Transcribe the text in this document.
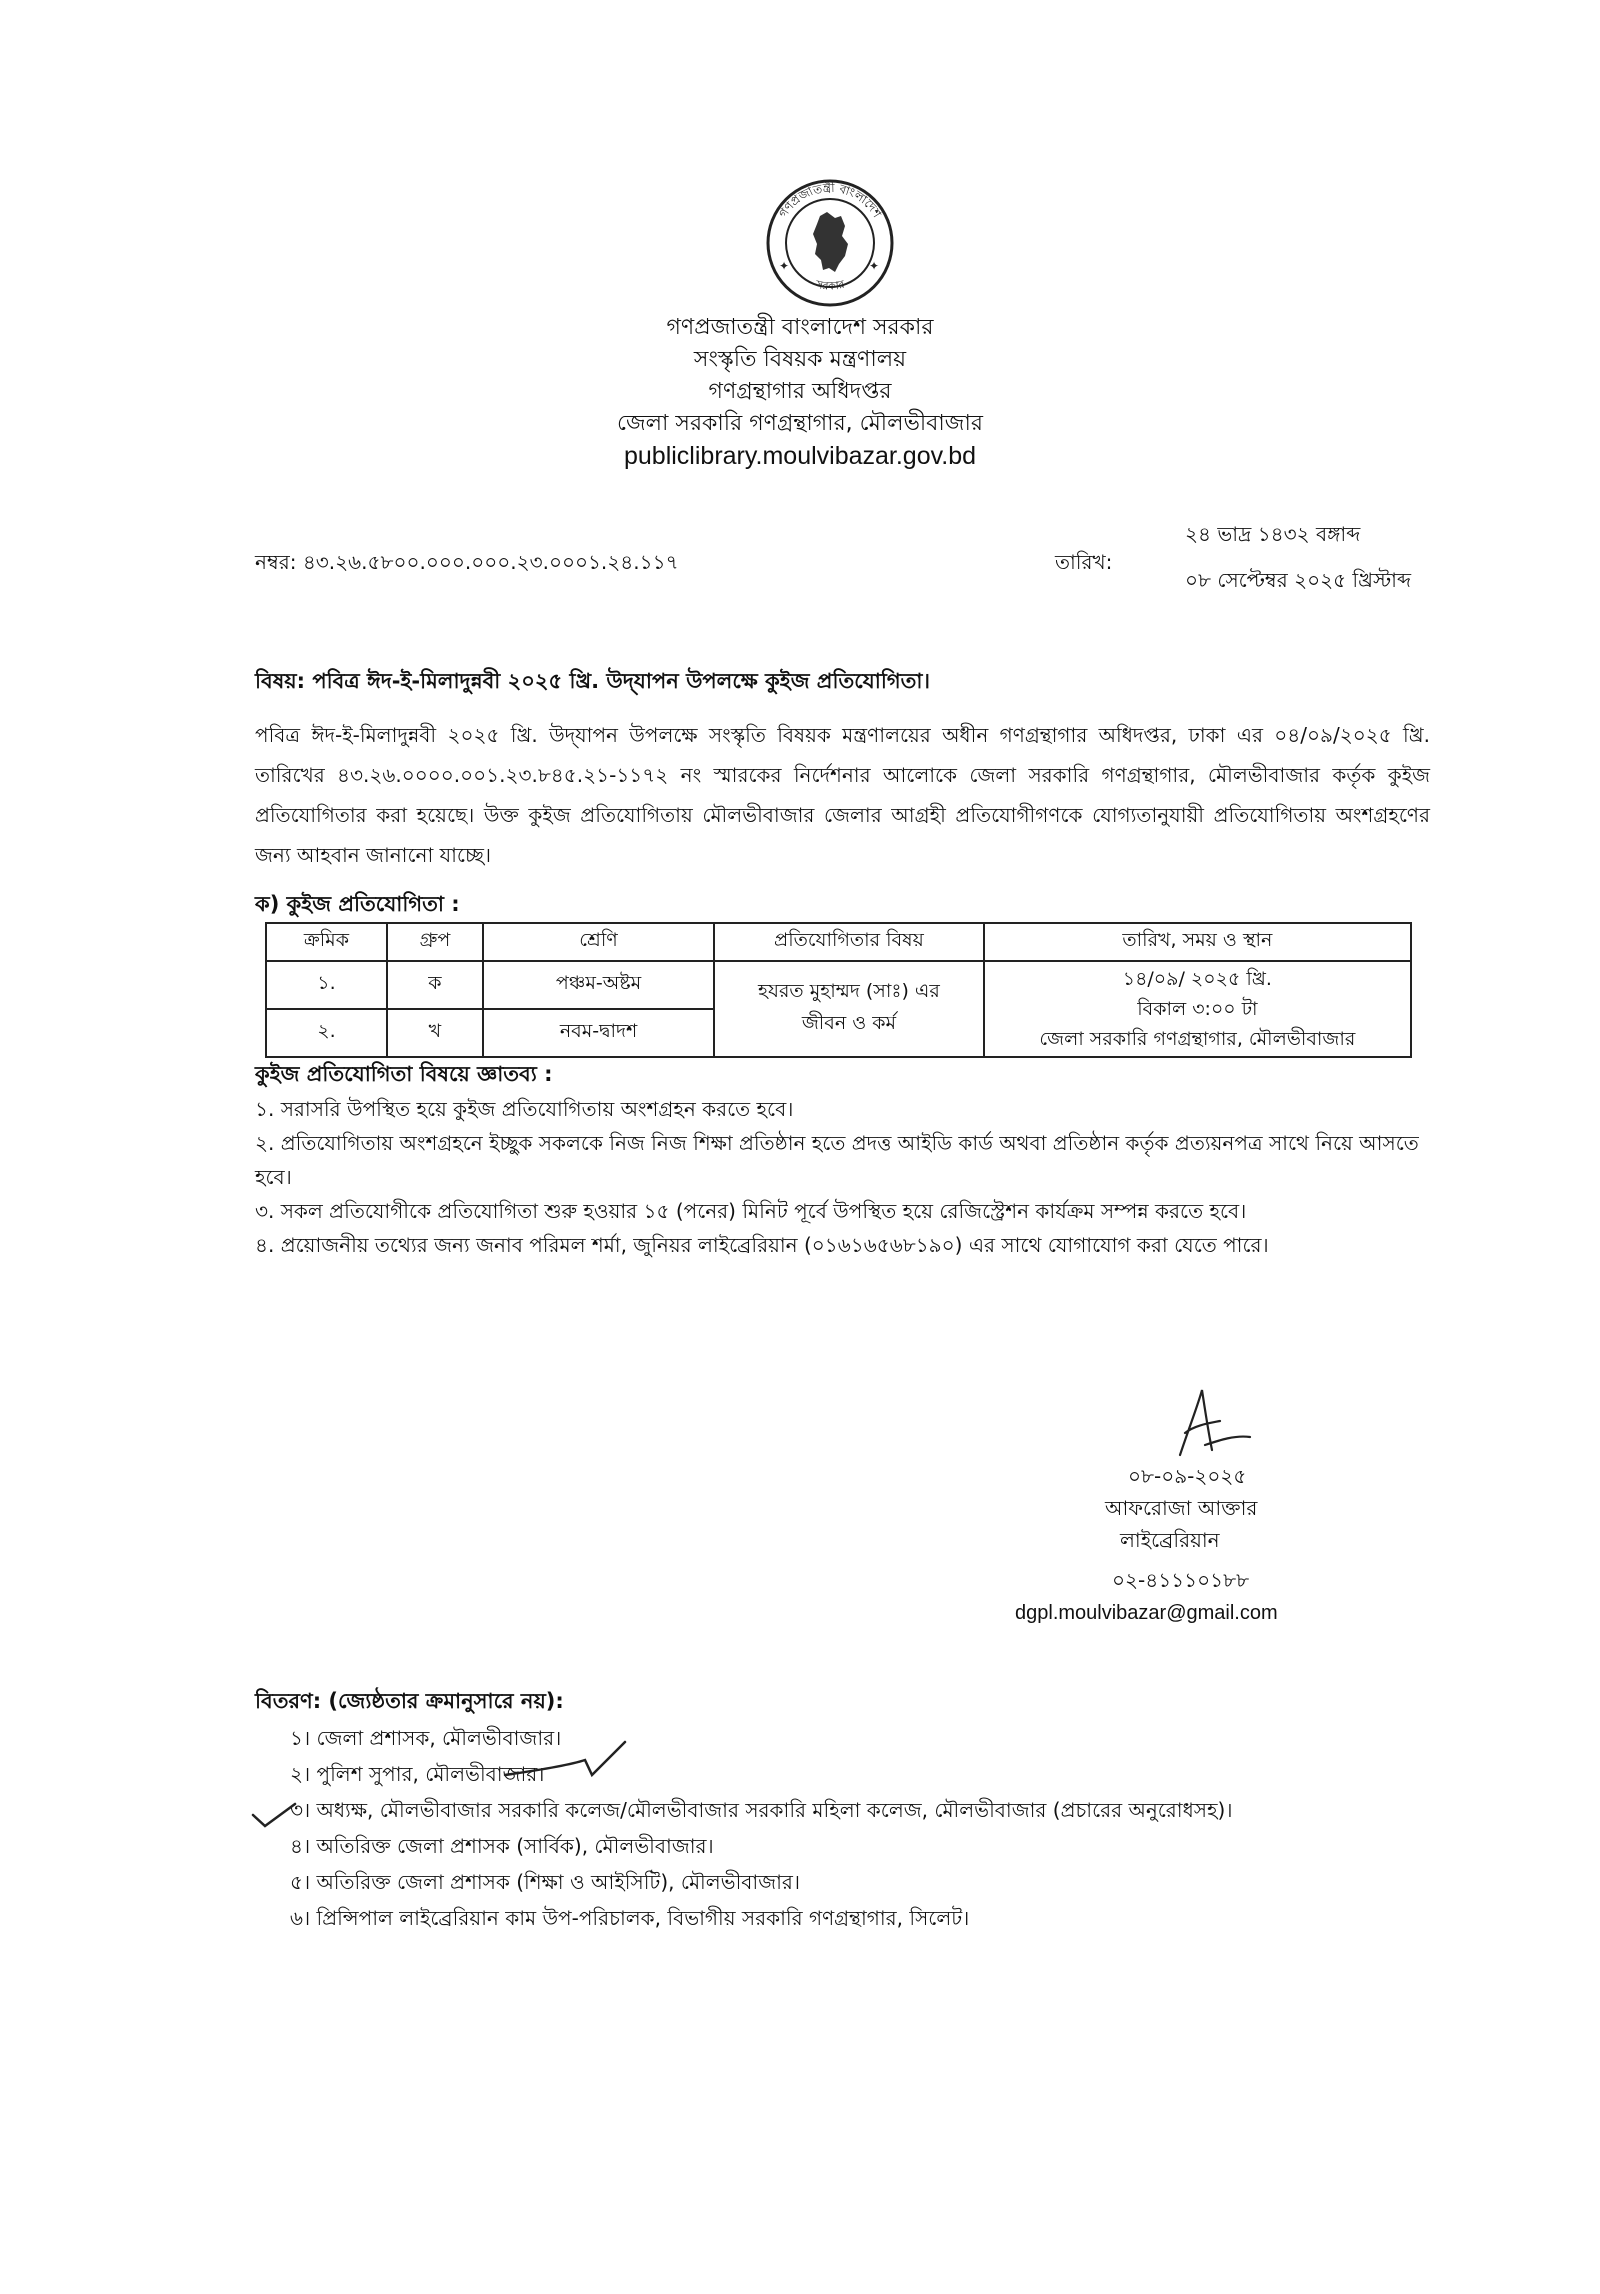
গণপ্রজাতন্ত্রী বাংলাদেশ
সরকার
✦	✦
গণপ্রজাতন্ত্রী বাংলাদেশ সরকার
সংস্কৃতি বিষয়ক মন্ত্রণালয়
গণগ্রন্থাগার অধিদপ্তর
জেলা সরকারি গণগ্রন্থাগার, মৌলভীবাজার
publiclibrary.moulvibazar.gov.bd
নম্বর: ৪৩.২৬.৫৮০০.০০০.০০০.২৩.০০০১.২৪.১১৭	তারিখ:
২৪ ভাদ্র ১৪৩২ বঙ্গাব্দ
০৮ সেপ্টেম্বর ২০২৫ খ্রিস্টাব্দ
বিষয়: পবিত্র ঈদ-ই-মিলাদুন্নবী ২০২৫ খ্রি. উদ্‌যাপন উপলক্ষে কুইজ প্রতিযোগিতা।
পবিত্র ঈদ-ই-মিলাদুন্নবী ২০২৫ খ্রি. উদ্‌যাপন উপলক্ষে সংস্কৃতি বিষয়ক মন্ত্রণালয়ের অধীন গণগ্রন্থাগার অধিদপ্তর, ঢাকা এর ০৪/০৯/২০২৫ খ্রি. তারিখের ৪৩.২৬.০০০০.০০১.২৩.৮৪৫.২১-১১৭২ নং স্মারকের নির্দেশনার আলোকে জেলা সরকারি গণগ্রন্থাগার, মৌলভীবাজার কর্তৃক কুইজ প্রতিযোগিতার করা হয়েছে। উক্ত কুইজ প্রতিযোগিতায় মৌলভীবাজার জেলার আগ্রহী প্রতিযোগীগণকে যোগ্যতানুযায়ী প্রতিযোগিতায় অংশগ্রহণের জন্য আহবান জানানো যাচ্ছে।
ক) কুইজ প্রতিযোগিতা :
ক্রমিক	গ্রুপ	শ্রেণি	প্রতিযোগিতার বিষয়	তারিখ, সময় ও স্থান
১.	ক	পঞ্চম-অষ্টম	হযরত মুহাম্মদ (সাঃ) এর জীবন ও কর্ম	১৪/০৯/ ২০২৫ খ্রি.
বিকাল ৩:০০ টা
জেলা সরকারি গণগ্রন্থাগার, মৌলভীবাজার

২.	খ	নবম-দ্বাদশ		
কুইজ প্রতিযোগিতা বিষয়ে জ্ঞাতব্য :
১. সরাসরি উপস্থিত হয়ে কুইজ প্রতিযোগিতায় অংশগ্রহন করতে হবে।
২. প্রতিযোগিতায় অংশগ্রহনে ইচ্ছুক সকলকে নিজ নিজ শিক্ষা প্রতিষ্ঠান হতে প্রদত্ত আইডি কার্ড অথবা প্রতিষ্ঠান কর্তৃক প্রত্যয়নপত্র সাথে নিয়ে আসতে হবে।
৩. সকল প্রতিযোগীকে প্রতিযোগিতা শুরু হওয়ার ১৫ (পনের) মিনিট পূর্বে উপস্থিত হয়ে রেজিস্ট্রেশন কার্যক্রম সম্পন্ন করতে হবে।
৪. প্রয়োজনীয় তথ্যের জন্য জনাব পরিমল শর্মা, জুনিয়র লাইব্রেরিয়ান (০১৬১৬৫৬৮১৯০) এর সাথে যোগাযোগ করা যেতে পারে।
০৮-০৯-২০২৫
আফরোজা আক্তার
লাইব্রেরিয়ান
০২-৪১১১০১৮৮
dgpl.moulvibazar@gmail.com
বিতরণ: (জ্যেষ্ঠতার ক্রমানুসারে নয়):
১। জেলা প্রশাসক, মৌলভীবাজার।
২। পুলিশ সুপার, মৌলভীবাজার।
৩। অধ্যক্ষ, মৌলভীবাজার সরকারি কলেজ/মৌলভীবাজার সরকারি মহিলা কলেজ, মৌলভীবাজার (প্রচারের অনুরোধসহ)।
৪। অতিরিক্ত জেলা প্রশাসক (সার্বিক), মৌলভীবাজার।
৫। অতিরিক্ত জেলা প্রশাসক (শিক্ষা ও আইসিটি), মৌলভীবাজার।
৬। প্রিন্সিপাল লাইব্রেরিয়ান কাম উপ-পরিচালক, বিভাগীয় সরকারি গণগ্রন্থাগার, সিলেট।
